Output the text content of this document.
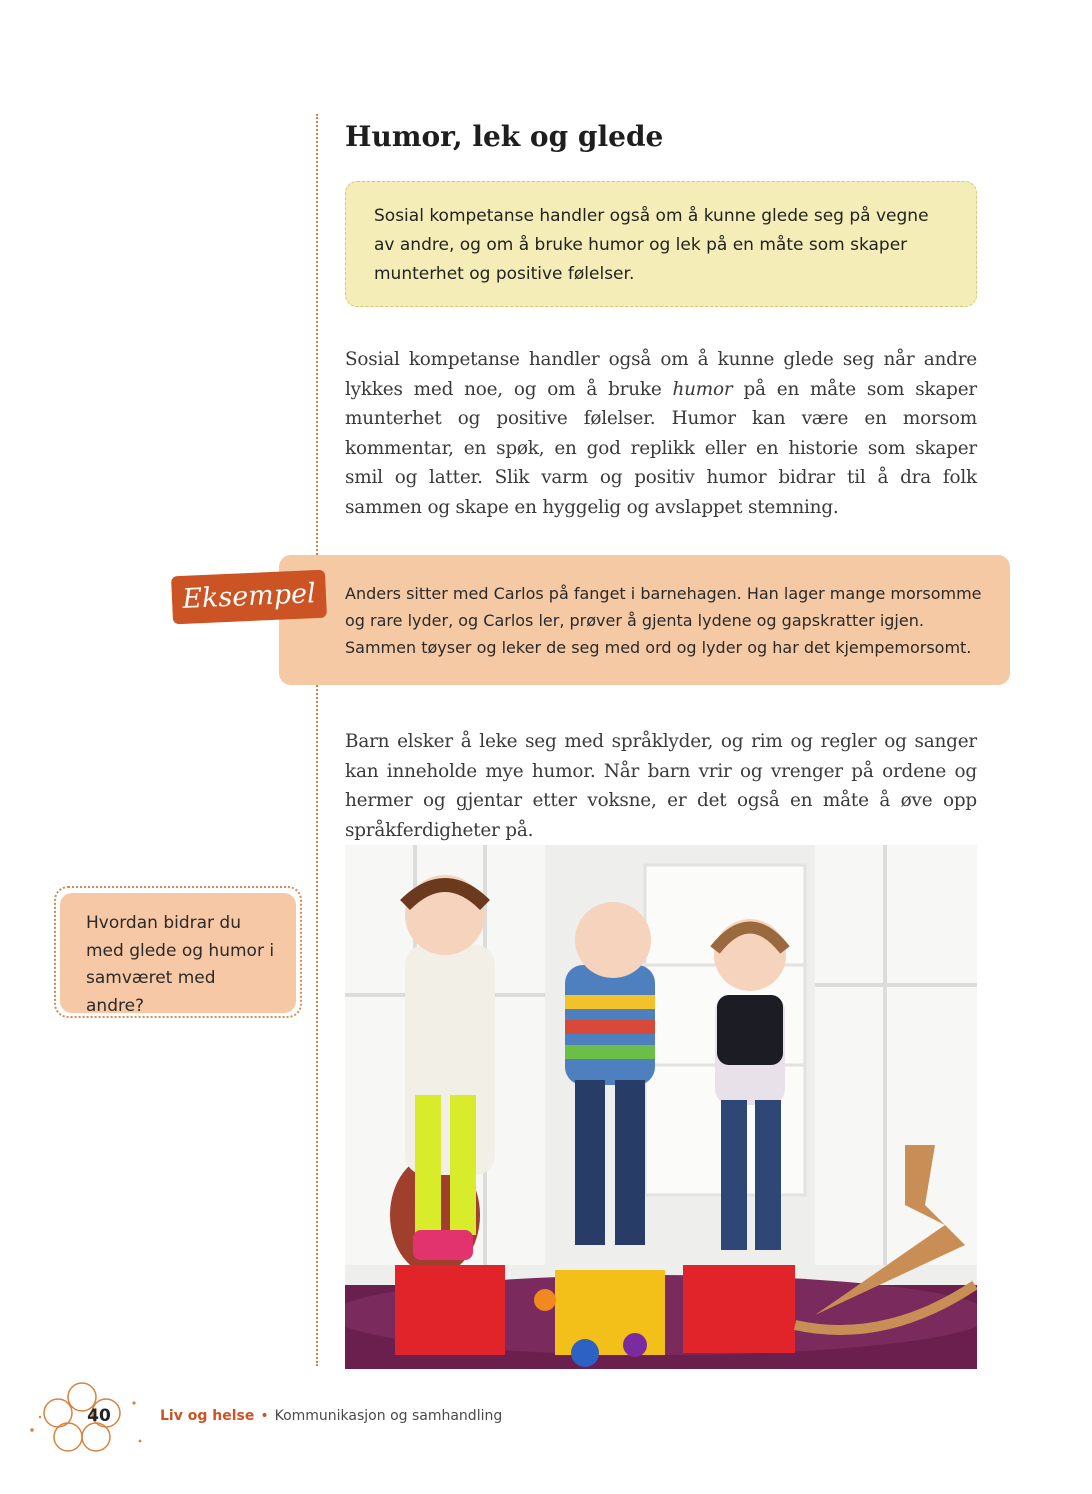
Humor, lek og glede
Sosial kompetanse handler også om å kunne glede seg på vegne av andre, og om å bruke humor og lek på en måte som skaper munterhet og positive følelser.

Sosial kompetanse handler også om å kunne glede seg når andre lykkes med noe, og om å bruke humor på en måte som skaper munterhet og positive følelser. Humor kan være en morsom kommentar, en spøk, en god replikk eller en historie som skaper smil og latter. Slik varm og positiv humor bidrar til å dra folk sammen og skape en hyggelig og avslappet stemning.

Eksempel	Anders sitter med Carlos på fanget i barnehagen. Han lager mange morsomme og rare lyder, og Carlos ler, prøver å gjenta lydene og gapskratter igjen. Sammen tøyser og leker de seg med ord og lyder og har det kjempemorsomt.

Barn elsker å leke seg med språklyder, og rim og regler og sanger kan inneholde mye humor. Når barn vrir og vrenger på ordene og hermer og gjentar etter voksne, er det også en måte å øve opp språkferdigheter på.

Hvordan bidrar du med glede og humor i samværet med andre?
40	Liv og helse • Kommunikasjon og samhandling
